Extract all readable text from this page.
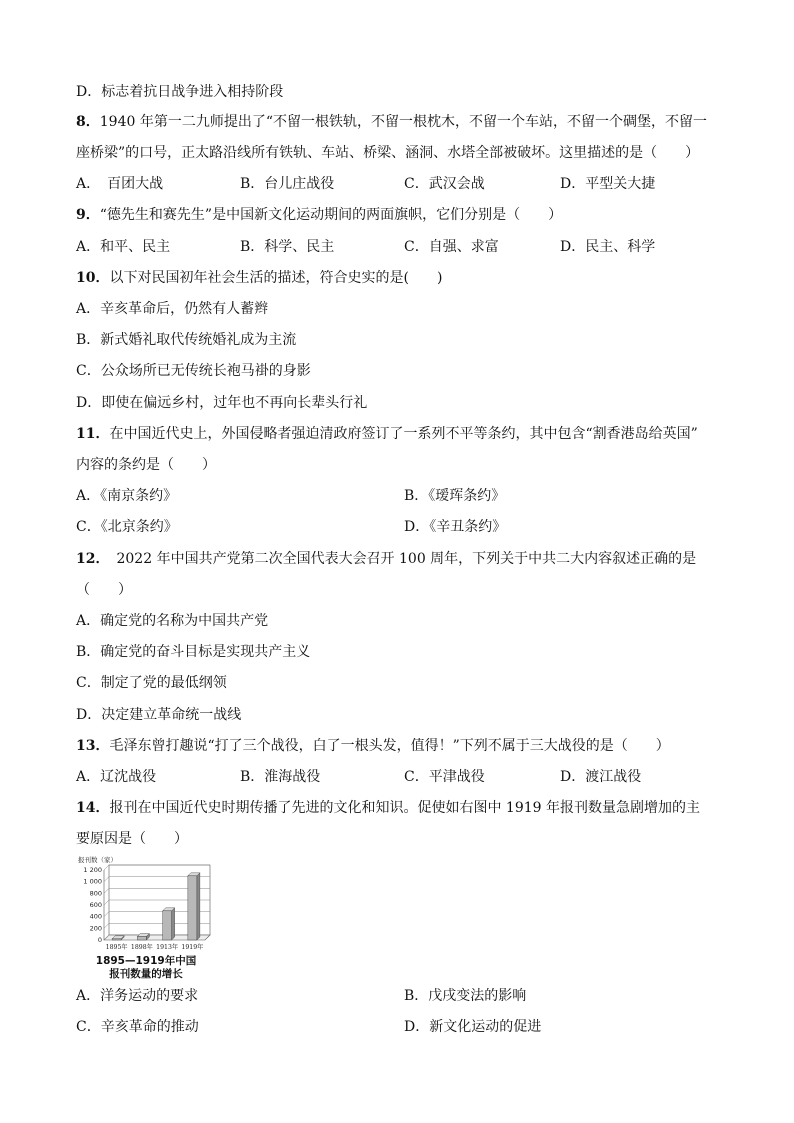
D．标志着抗日战争进入相持阶段
8．1940 年第一二九师提出了“不留一根铁轨，不留一根枕木，不留一个车站，不留一个碉堡，不留一
座桥梁”的口号，正太路沿线所有铁轨、车站、桥梁、涵洞、水塔全部被破坏。这里描述的是（　　）
A．　百团大战	B．台儿庄战役	C．武汉会战	D．平型关大捷
9．“德先生和赛先生”是中国新文化运动期间的两面旗帜，它们分别是（　　）
A．和平、民主	B．科学、民主	C．自强、求富	D．民主、科学
10．以下对民国初年社会生活的描述，符合史实的是(　　)
A．辛亥革命后，仍然有人蓄辫
B．新式婚礼取代传统婚礼成为主流
C．公众场所已无传统长袍马褂的身影
D．即使在偏远乡村，过年也不再向长辈头行礼
11．在中国近代史上，外国侵略者强迫清政府签订了一系列不平等条约，其中包含“割香港岛给英国”
内容的条约是（　　）
A．《南京条约》	B．《瑷珲条约》
C．《北京条约》	D．《辛丑条约》
12．　2022 年中国共产党第二次全国代表大会召开 100 周年，下列关于中共二大内容叙述正确的是
（　　）
A．确定党的名称为中国共产党
B．确定党的奋斗目标是实现共产主义
C．制定了党的最低纲领
D．决定建立革命统一战线
13．毛泽东曾打趣说“打了三个战役，白了一根头发，值得！”下列不属于三大战役的是（　　）
A．辽沈战役	B．淮海战役	C．平津战役	D．渡江战役
14．报刊在中国近代史时期传播了先进的文化和知识。促使如右图中 1919 年报刊数量急剧增加的主
要原因是（　　）
报刊数（家）
0
200
400
600
800
1 000
1 200
1895年 1898年 1913年 1919年
1895—1919年中国
报刊数量的增长
A．洋务运动的要求	B．戊戌变法的影响
C．辛亥革命的推动	D．新文化运动的促进
